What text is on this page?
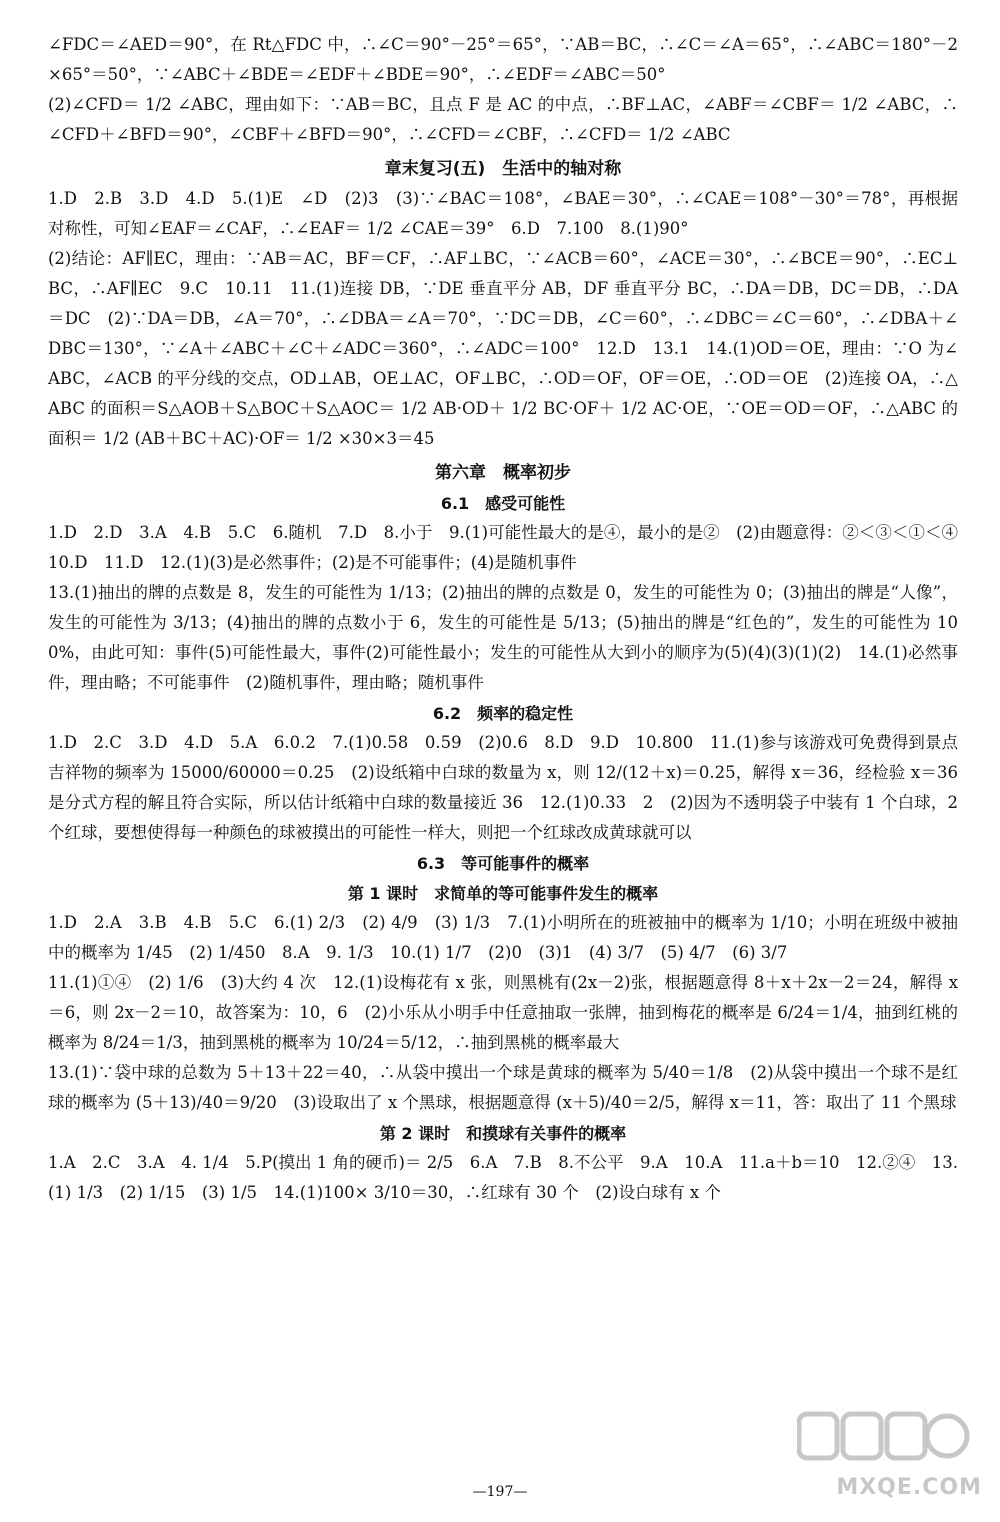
∠FDC＝∠AED＝90°，在 Rt△FDC 中，∴∠C＝90°－25°＝65°，∵AB＝BC，∴∠C＝∠A＝65°，∴∠ABC＝180°－2×65°＝50°，∵∠ABC＋∠BDE＝∠EDF＋∠BDE＝90°，∴∠EDF＝∠ABC＝50°

(2)∠CFD＝ 1/2 ∠ABC，理由如下：∵AB＝BC，且点 F 是 AC 的中点，∴BF⊥AC，∠ABF＝∠CBF＝ 1/2 ∠ABC，∴∠CFD＋∠BFD＝90°，∠CBF＋∠BFD＝90°，∴∠CFD＝∠CBF，∴∠CFD＝ 1/2 ∠ABC

章末复习(五)　生活中的轴对称

1.D　2.B　3.D　4.D　5.(1)E　∠D　(2)3　(3)∵∠BAC＝108°，∠BAE＝30°，∴∠CAE＝108°－30°＝78°，再根据对称性，可知∠EAF＝∠CAF，∴∠EAF＝ 1/2 ∠CAE＝39°　6.D　7.100　8.(1)90°

(2)结论：AF∥EC，理由：∵AB＝AC，BF＝CF，∴AF⊥BC，∵∠ACB＝60°，∠ACE＝30°，∴∠BCE＝90°，∴EC⊥BC，∴AF∥EC　9.C　10.11　11.(1)连接 DB，∵DE 垂直平分 AB，DF 垂直平分 BC，∴DA＝DB，DC＝DB，∴DA＝DC　(2)∵DA＝DB，∠A＝70°，∴∠DBA＝∠A＝70°，∵DC＝DB，∠C＝60°，∴∠DBC＝∠C＝60°，∴∠DBA＋∠DBC＝130°，∵∠A＋∠ABC＋∠C＋∠ADC＝360°，∴∠ADC＝100°　12.D　13.1　14.(1)OD＝OE，理由：∵O 为∠ABC，∠ACB 的平分线的交点，OD⊥AB，OE⊥AC，OF⊥BC，∴OD＝OF，OF＝OE，∴OD＝OE　(2)连接 OA，∴△ABC 的面积＝S△AOB＋S△BOC＋S△AOC＝ 1/2 AB·OD＋ 1/2 BC·OF＋ 1/2 AC·OE，∵OE＝OD＝OF，∴△ABC 的面积＝ 1/2 (AB＋BC＋AC)·OF＝ 1/2 ×30×3＝45

第六章　概率初步
6.1　感受可能性

1.D　2.D　3.A　4.B　5.C　6.随机　7.D　8.小于　9.(1)可能性最大的是④，最小的是②　(2)由题意得：②＜③＜①＜④　10.D　11.D　12.(1)(3)是必然事件；(2)是不可能事件；(4)是随机事件

13.(1)抽出的牌的点数是 8，发生的可能性为 1/13；(2)抽出的牌的点数是 0，发生的可能性为 0；(3)抽出的牌是“人像”，发生的可能性为 3/13；(4)抽出的牌的点数小于 6，发生的可能性是 5/13；(5)抽出的牌是“红色的”，发生的可能性为 100%，由此可知：事件(5)可能性最大，事件(2)可能性最小；发生的可能性从大到小的顺序为(5)(4)(3)(1)(2)　14.(1)必然事件，理由略；不可能事件　(2)随机事件，理由略；随机事件

6.2　频率的稳定性

1.D　2.C　3.D　4.D　5.A　6.0.2　7.(1)0.58　0.59　(2)0.6　8.D　9.D　10.800　11.(1)参与该游戏可免费得到景点吉祥物的频率为 15000/60000＝0.25　(2)设纸箱中白球的数量为 x，则 12/(12＋x)＝0.25，解得 x＝36，经检验 x＝36 是分式方程的解且符合实际，所以估计纸箱中白球的数量接近 36　12.(1)0.33　2　(2)因为不透明袋子中装有 1 个白球，2 个红球，要想使得每一种颜色的球被摸出的可能性一样大，则把一个红球改成黄球就可以

6.3　等可能事件的概率
第 1 课时　求简单的等可能事件发生的概率

1.D　2.A　3.B　4.B　5.C　6.(1) 2/3　(2) 4/9　(3) 1/3　7.(1)小明所在的班被抽中的概率为 1/10；小明在班级中被抽中的概率为 1/45　(2) 1/450　8.A　9. 1/3　10.(1) 1/7　(2)0　(3)1　(4) 3/7　(5) 4/7　(6) 3/7

11.(1)①④　(2) 1/6　(3)大约 4 次　12.(1)设梅花有 x 张，则黑桃有(2x－2)张，根据题意得 8＋x＋2x－2＝24，解得 x＝6，则 2x－2＝10，故答案为：10，6　(2)小乐从小明手中任意抽取一张牌，抽到梅花的概率是 6/24＝1/4，抽到红桃的概率为 8/24＝1/3，抽到黑桃的概率为 10/24＝5/12，∴抽到黑桃的概率最大

13.(1)∵袋中球的总数为 5＋13＋22＝40，∴从袋中摸出一个球是黄球的概率为 5/40＝1/8　(2)从袋中摸出一个球不是红球的概率为 (5＋13)/40＝9/20　(3)设取出了 x 个黑球，根据题意得 (x＋5)/40＝2/5，解得 x＝11，答：取出了 11 个黑球

第 2 课时　和摸球有关事件的概率

1.A　2.C　3.A　4. 1/4　5.P(摸出 1 角的硬币)＝ 2/5　6.A　7.B　8.不公平　9.A　10.A　11.a＋b＝10　12.②④　13.(1) 1/3　(2) 1/15　(3) 1/5　14.(1)100× 3/10＝30，∴红球有 30 个　(2)设白球有 x 个

—197—	MXQE.COM
